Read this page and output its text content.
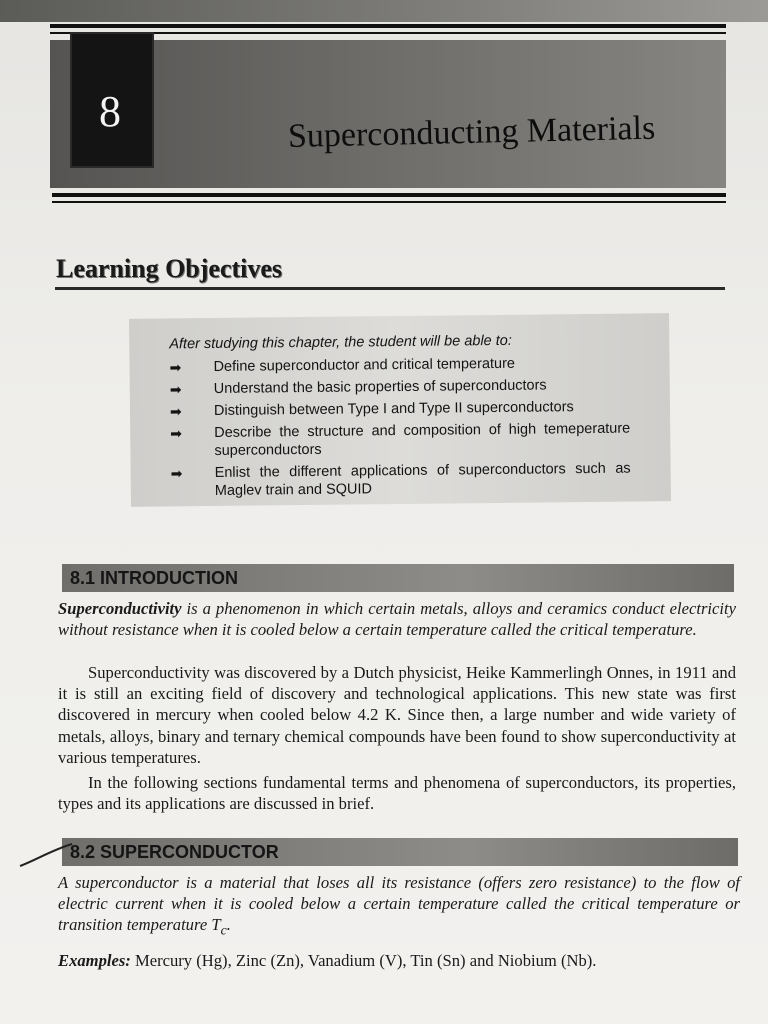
8	Superconducting Materials
Learning Objectives
After studying this chapter, the student will be able to:
➡ Define superconductor and critical temperature
➡ Understand the basic properties of superconductors
➡ Distinguish between Type I and Type II superconductors
➡ Describe the structure and composition of high temeperature superconductors
➡ Enlist the different applications of superconductors such as Maglev train and SQUID
8.1 INTRODUCTION
Superconductivity is a phenomenon in which certain metals, alloys and ceramics conduct electricity without resistance when it is cooled below a certain temperature called the critical temperature.
Superconductivity was discovered by a Dutch physicist, Heike Kammerlingh Onnes, in 1911 and it is still an exciting field of discovery and technological applications. This new state was first discovered in mercury when cooled below 4.2 K. Since then, a large number and wide variety of metals, alloys, binary and ternary chemical compounds have been found to show superconductivity at various temperatures.
In the following sections fundamental terms and phenomena of superconductors, its properties, types and its applications are discussed in brief.
8.2 SUPERCONDUCTOR
A superconductor is a material that loses all its resistance (offers zero resistance) to the flow of electric current when it is cooled below a certain temperature called the critical temperature or transition temperature $T_c$.
Examples: Mercury (Hg), Zinc (Zn), Vanadium (V), Tin (Sn) and Niobium (Nb).
